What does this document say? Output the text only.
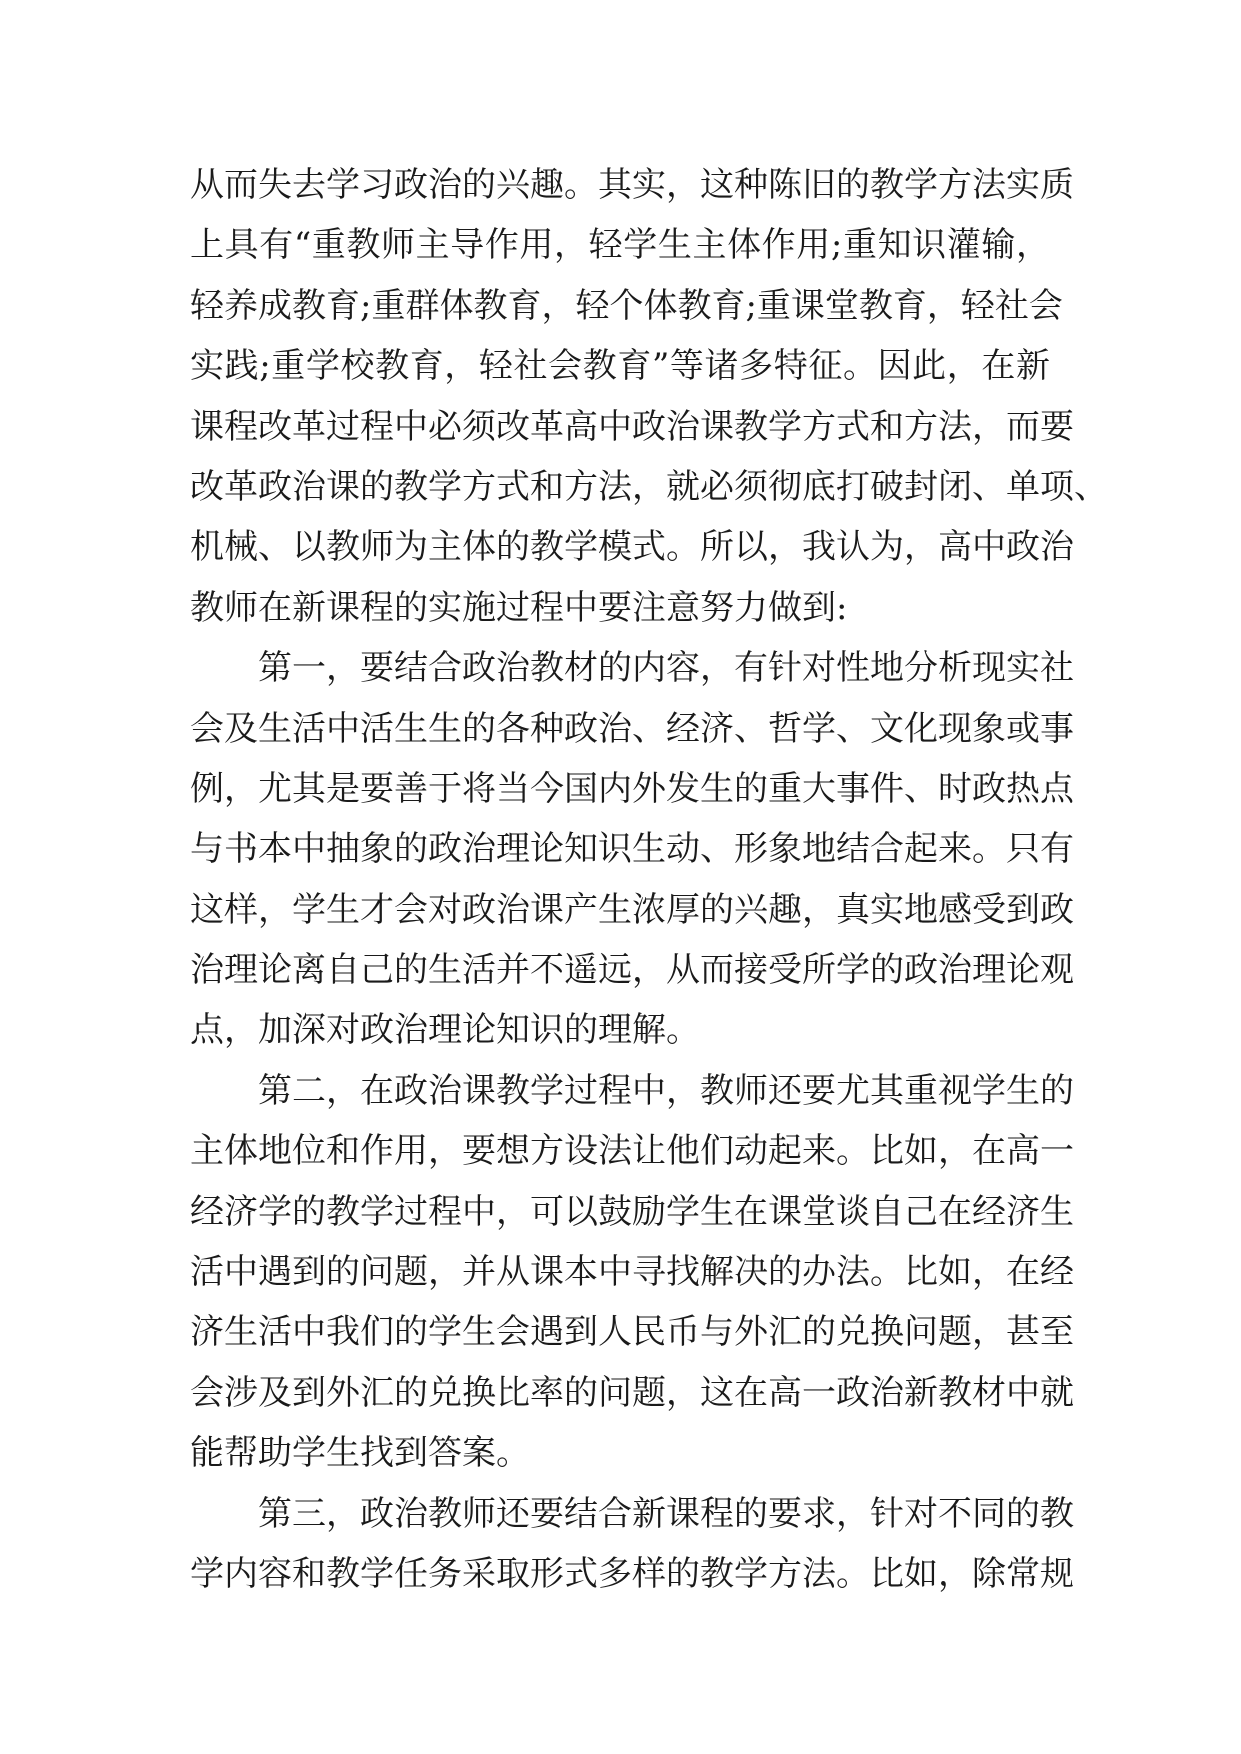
从而失去学习政治的兴趣。其实，这种陈旧的教学方法实质
上具有“重教师主导作用，轻学生主体作用;重知识灌输，
轻养成教育;重群体教育，轻个体教育;重课堂教育，轻社会
实践;重学校教育，轻社会教育”等诸多特征。因此，在新
课程改革过程中必须改革高中政治课教学方式和方法，而要
改革政治课的教学方式和方法，就必须彻底打破封闭、单项、
机械、以教师为主体的教学模式。所以，我认为，高中政治
教师在新课程的实施过程中要注意努力做到:
第一，要结合政治教材的内容，有针对性地分析现实社
会及生活中活生生的各种政治、经济、哲学、文化现象或事
例，尤其是要善于将当今国内外发生的重大事件、时政热点
与书本中抽象的政治理论知识生动、形象地结合起来。只有
这样，学生才会对政治课产生浓厚的兴趣，真实地感受到政
治理论离自己的生活并不遥远，从而接受所学的政治理论观
点，加深对政治理论知识的理解。
第二，在政治课教学过程中，教师还要尤其重视学生的
主体地位和作用，要想方设法让他们动起来。比如，在高一
经济学的教学过程中，可以鼓励学生在课堂谈自己在经济生
活中遇到的问题，并从课本中寻找解决的办法。比如，在经
济生活中我们的学生会遇到人民币与外汇的兑换问题，甚至
会涉及到外汇的兑换比率的问题，这在高一政治新教材中就
能帮助学生找到答案。
第三，政治教师还要结合新课程的要求，针对不同的教
学内容和教学任务采取形式多样的教学方法。比如，除常规
